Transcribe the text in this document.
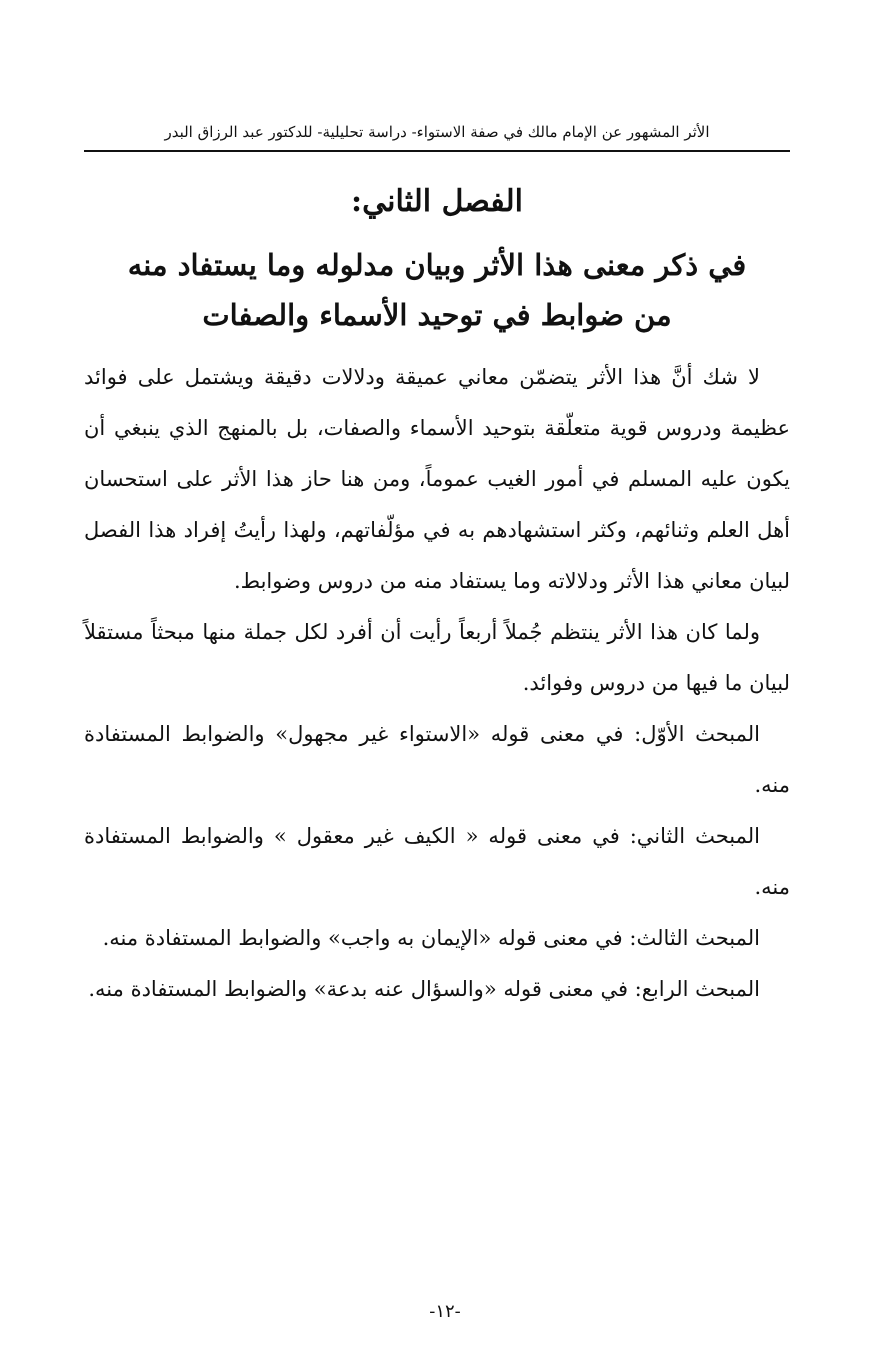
الأثر المشهور عن الإمام مالك في صفة الاستواء- دراسة تحليلية- للدكتور عبد الرزاق البدر
الفصل الثاني:
في ذكر معنى هذا الأثر وبيان مدلوله وما يستفاد منه
من ضوابط في توحيد الأسماء والصفات

لا شك أنَّ هذا الأثر يتضمّن معاني عميقة ودلالات دقيقة ويشتمل على فوائد عظيمة ودروس قوية متعلّقة بتوحيد الأسماء والصفات، بل بالمنهج الذي ينبغي أن يكون عليه المسلم في أمور الغيب عموماً، ومن هنا حاز هذا الأثر على استحسان أهل العلم وثنائهم، وكثر استشهادهم به في مؤلّفاتهم، ولهذا رأيتُ إفراد هذا الفصل لبيان معاني هذا الأثر ودلالاته وما يستفاد منه من دروس وضوابط.

ولما كان هذا الأثر ينتظم جُملاً أربعاً رأيت أن أفرد لكل جملة منها مبحثاً مستقلاً لبيان ما فيها من دروس وفوائد.

المبحث الأوّل: في معنى قوله «الاستواء غير مجهول» والضوابط المستفادة منه.

المبحث الثاني: في معنى قوله « الكيف غير معقول » والضوابط المستفادة منه.

المبحث الثالث: في معنى قوله «الإيمان به واجب» والضوابط المستفادة منه.

المبحث الرابع: في معنى قوله «والسؤال عنه بدعة» والضوابط المستفادة منه.

-١٢-
